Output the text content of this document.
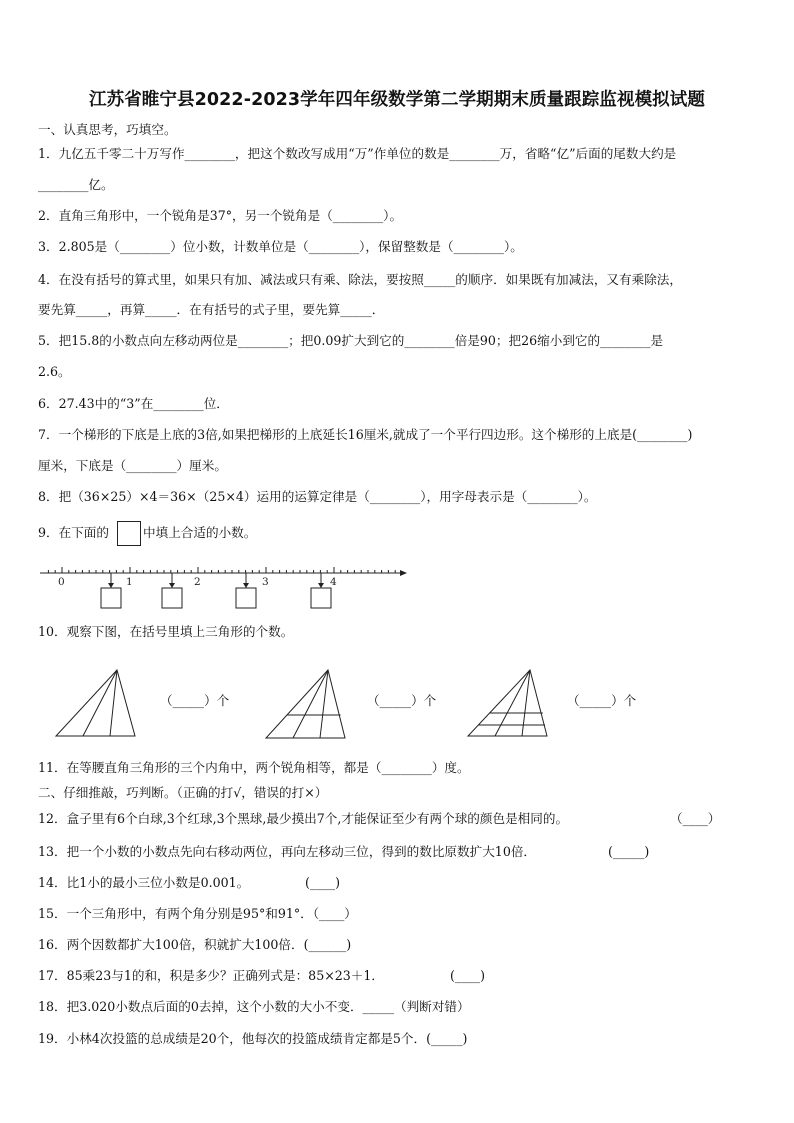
江苏省睢宁县2022-2023学年四年级数学第二学期期末质量跟踪监视模拟试题
一、认真思考，巧填空。
1．九亿五千零二十万写作________，把这个数改写成用“万”作单位的数是________万，省略“亿”后面的尾数大约是
________亿。
2．直角三角形中，一个锐角是37°，另一个锐角是（________）。
3．2.805是（________）位小数，计数单位是（________），保留整数是（________）。
4．在没有括号的算式里，如果只有加、减法或只有乘、除法，要按照_____的顺序．如果既有加减法，又有乘除法，
要先算_____，再算_____．在有括号的式子里，要先算_____．
5．把15.8的小数点向左移动两位是________；把0.09扩大到它的________倍是90；把26缩小到它的________是
2.6。
6．27.43中的“3”在________位．
7．一个梯形的下底是上底的3倍,如果把梯形的上底延长16厘米,就成了一个平行四边形。这个梯形的上底是(________)
厘米，下底是（________）厘米。
8．把（36×25）×4＝36×（25×4）运用的运算定律是（________），用字母表示是（________）。
9．在下面的	中填上合适的小数。
10．观察下图，在括号里填上三角形的个数。
11．在等腰直角三角形的三个内角中，两个锐角相等，都是（________）度。
二、仔细推敲，巧判断。（正确的打√，错误的打×）
12．盒子里有6个白球,3个红球,3个黑球,最少摸出7个,才能保证至少有两个球的颜色是相同的。	（____）
13．把一个小数的小数点先向右移动两位，再向左移动三位，得到的数比原数扩大10倍．	(_____)
14．比1小的最小三位小数是0.001。	(____)
15．一个三角形中，有两个角分别是95°和91°．（____）
16．两个因数都扩大100倍，积就扩大100倍．(______)
17．85乘23与1的和，积是多少？正确列式是：85×23＋1．	(____)
18．把3.020小数点后面的0去掉，这个小数的大小不变．_____（判断对错）
19．小林4次投篮的总成绩是20个，他每次的投篮成绩肯定都是5个．(_____)
0	1	2	3	4
（_____）个	（_____）个	（_____）个
